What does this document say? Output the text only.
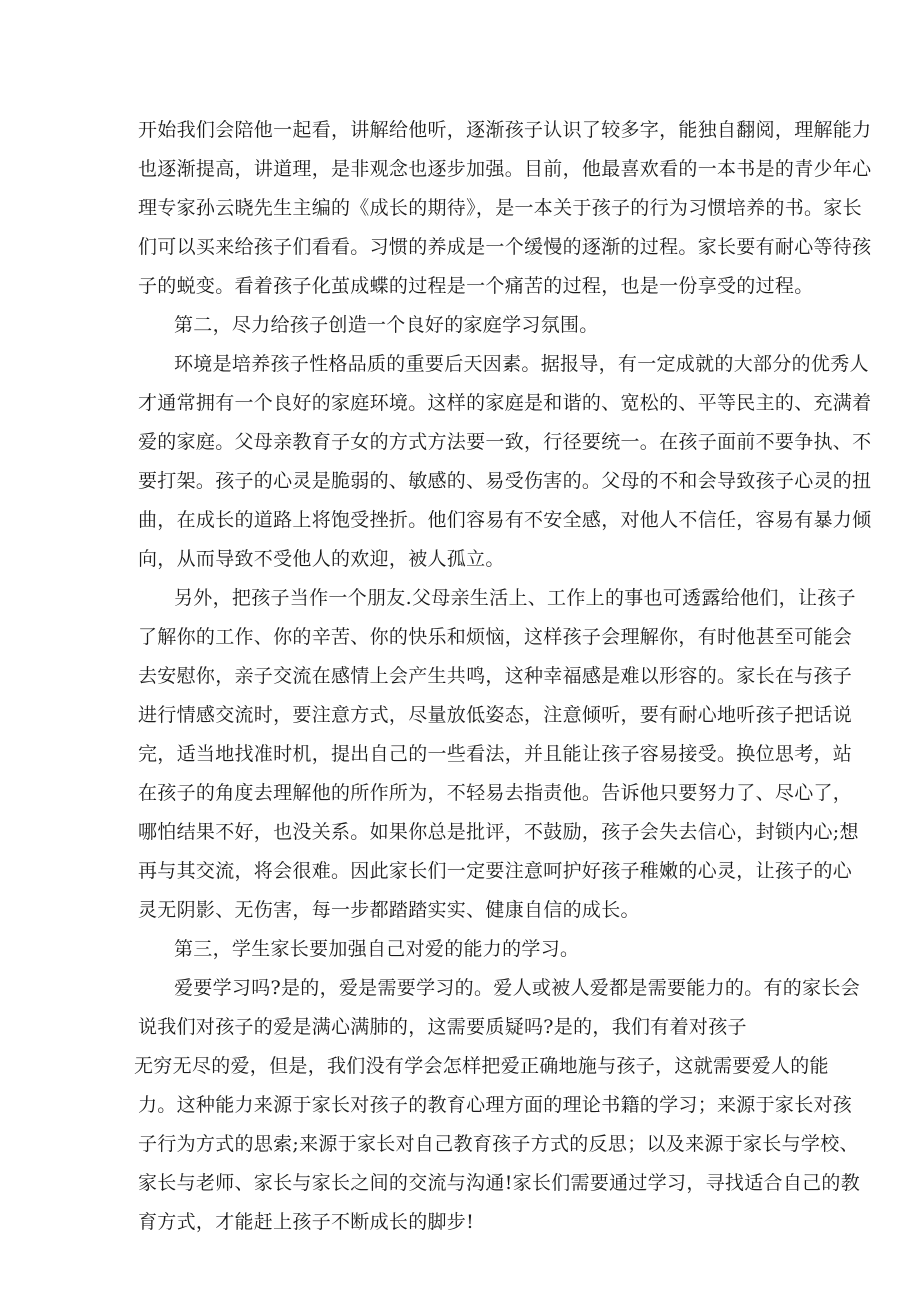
开始我们会陪他一起看，讲解给他听，逐渐孩子认识了较多字，能独自翻阅，理解能力
也逐渐提高，讲道理，是非观念也逐步加强。目前，他最喜欢看的一本书是的青少年心
理专家孙云晓先生主编的《成长的期待》，是一本关于孩子的行为习惯培养的书。家长
们可以买来给孩子们看看。习惯的养成是一个缓慢的逐渐的过程。家长要有耐心等待孩
子的蜕变。看着孩子化茧成蝶的过程是一个痛苦的过程，也是一份享受的过程。
第二，尽力给孩子创造一个良好的家庭学习氛围。
环境是培养孩子性格品质的重要后天因素。据报导，有一定成就的大部分的优秀人
才通常拥有一个良好的家庭环境。这样的家庭是和谐的、宽松的、平等民主的、充满着
爱的家庭。父母亲教育子女的方式方法要一致，行径要统一。在孩子面前不要争执、不
要打架。孩子的心灵是脆弱的、敏感的、易受伤害的。父母的不和会导致孩子心灵的扭
曲，在成长的道路上将饱受挫折。他们容易有不安全感，对他人不信任，容易有暴力倾
向，从而导致不受他人的欢迎，被人孤立。
另外，把孩子当作一个朋友.父母亲生活上、工作上的事也可透露给他们，让孩子
了解你的工作、你的辛苦、你的快乐和烦恼，这样孩子会理解你，有时他甚至可能会
去安慰你，亲子交流在感情上会产生共鸣，这种幸福感是难以形容的。家长在与孩子
进行情感交流时，要注意方式，尽量放低姿态，注意倾听，要有耐心地听孩子把话说
完，适当地找准时机，提出自己的一些看法，并且能让孩子容易接受。换位思考，站
在孩子的角度去理解他的所作所为，不轻易去指责他。告诉他只要努力了、尽心了，
哪怕结果不好，也没关系。如果你总是批评，不鼓励，孩子会失去信心，封锁内心;想
再与其交流，将会很难。因此家长们一定要注意呵护好孩子稚嫩的心灵，让孩子的心
灵无阴影、无伤害，每一步都踏踏实实、健康自信的成长。
第三，学生家长要加强自己对爱的能力的学习。
爱要学习吗?是的，爱是需要学习的。爱人或被人爱都是需要能力的。有的家长会
说我们对孩子的爱是满心满肺的，这需要质疑吗?是的，我们有着对孩子
无穷无尽的爱，但是，我们没有学会怎样把爱正确地施与孩子，这就需要爱人的能
力。这种能力来源于家长对孩子的教育心理方面的理论书籍的学习；来源于家长对孩
子行为方式的思索;来源于家长对自己教育孩子方式的反思；以及来源于家长与学校、
家长与老师、家长与家长之间的交流与沟通!家长们需要通过学习，寻找适合自己的教
育方式，才能赶上孩子不断成长的脚步!
